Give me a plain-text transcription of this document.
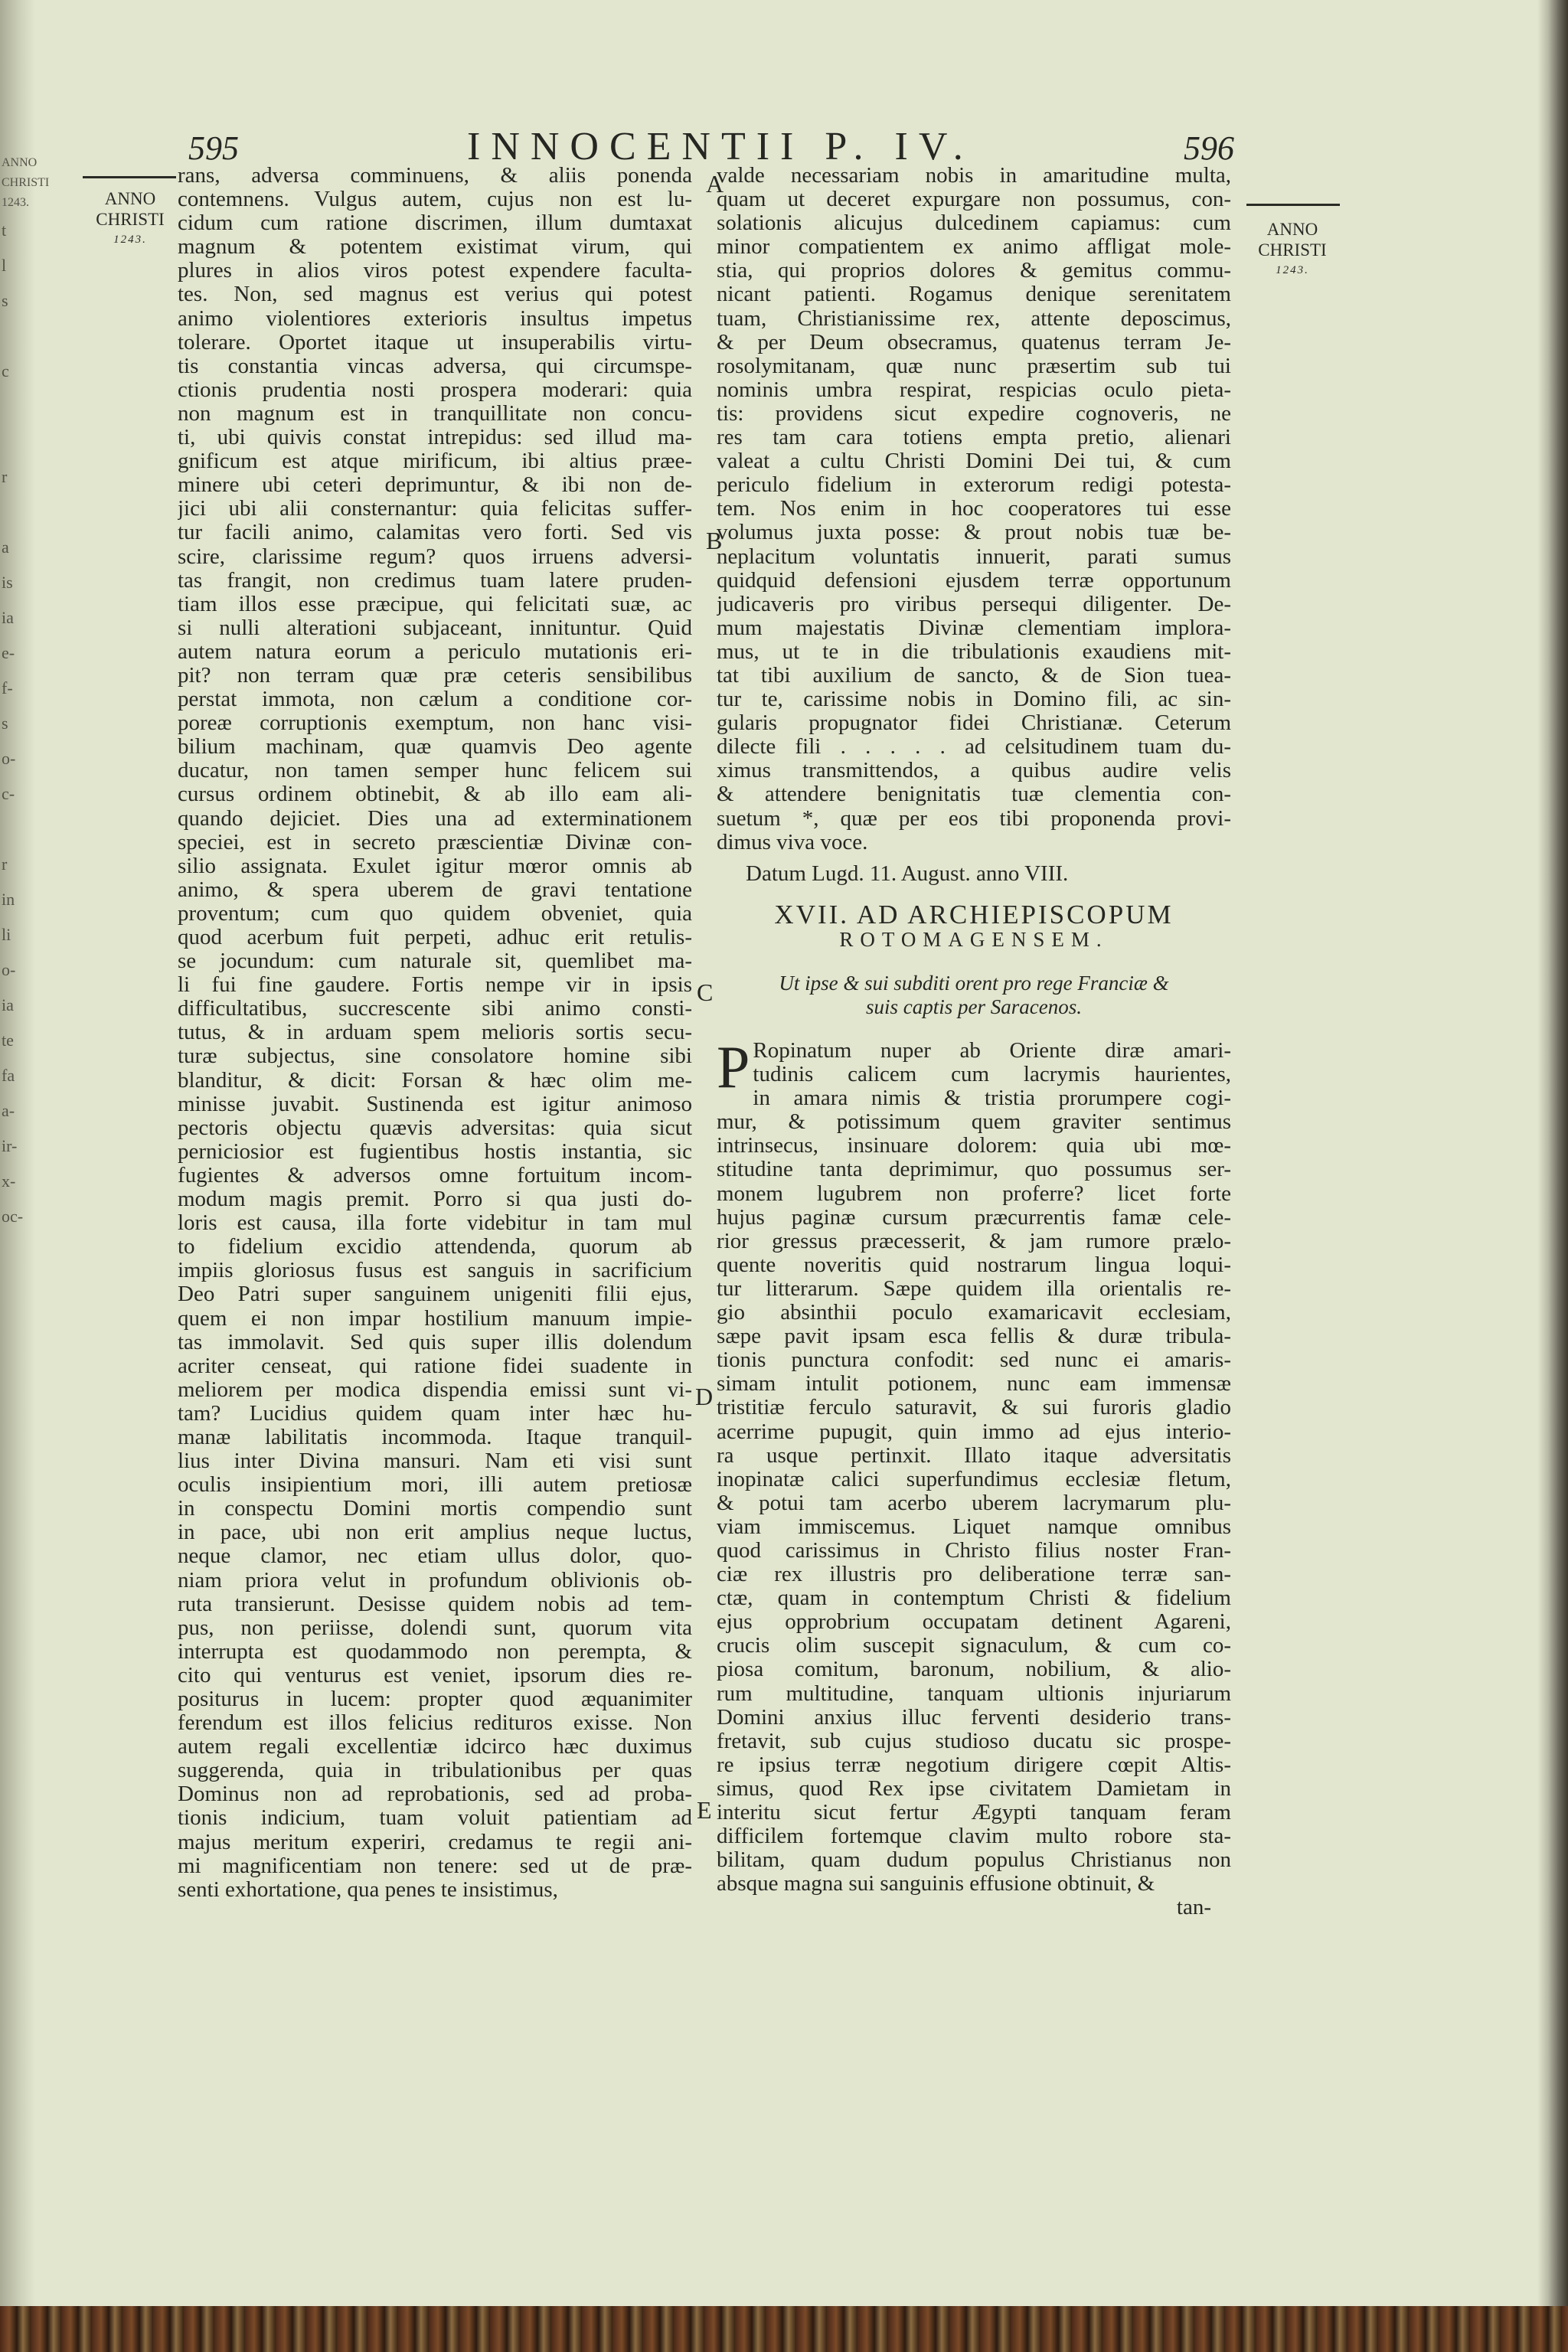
ANNO
CHRISTI
1243.
t
l
s
c
r
a
is
ia
e-
f-
s
o-
c-
r
in
li
o-
ia
te
fa
a-
ir-
x-
oc-
595	INNOCENTII P. IV.	596
ANNO
CHRISTI
1243.
ANNO
CHRISTI
1243.
rans, adversa comminuens, & aliis ponenda
contemnens. Vulgus autem, cujus non est lu-
cidum cum ratione discrimen, illum dumtaxat
magnum & potentem existimat virum, qui
plures in alios viros potest expendere faculta-
tes. Non, sed magnus est verius qui potest
animo violentiores exterioris insultus impetus
tolerare. Oportet itaque ut insuperabilis virtu-
tis constantia vincas adversa, qui circumspe-
ctionis prudentia nosti prospera moderari: quia
non magnum est in tranquillitate non concu-
ti, ubi quivis constat intrepidus: sed illud ma-
gnificum est atque mirificum, ibi altius præe-
minere ubi ceteri deprimuntur, & ibi non de-
jici ubi alii consternantur: quia felicitas suffer-
tur facili animo, calamitas vero forti. Sed vis
scire, clarissime regum? quos irruens adversi-
tas frangit, non credimus tuam latere pruden-
tiam illos esse præcipue, qui felicitati suæ, ac
si nulli alterationi subjaceant, innituntur. Quid
autem natura eorum a periculo mutationis eri-
pit? non terram quæ præ ceteris sensibilibus
perstat immota, non cælum a conditione cor-
poreæ corruptionis exemptum, non hanc visi-
bilium machinam, quæ quamvis Deo agente
ducatur, non tamen semper hunc felicem sui
cursus ordinem obtinebit, & ab illo eam ali-
quando dejiciet. Dies una ad exterminationem
speciei, est in secreto præscientiæ Divinæ con-
silio assignata. Exulet igitur mœror omnis ab
animo, & spera uberem de gravi tentatione
proventum; cum quo quidem obveniet, quia
quod acerbum fuit perpeti, adhuc erit retulis-
se jocundum: cum naturale sit, quemlibet ma-
li fui fine gaudere. Fortis nempe vir in ipsis
difficultatibus, succrescente sibi animo consti-
tutus, & in arduam spem melioris sortis secu-
turæ subjectus, sine consolatore homine sibi
blanditur, & dicit: Forsan & hæc olim me-
minisse juvabit. Sustinenda est igitur animoso
pectoris objectu quævis adversitas: quia sicut
perniciosior est fugientibus hostis instantia, sic
fugientes & adversos omne fortuitum incom-
modum magis premit. Porro si qua justi do-
loris est causa, illa forte videbitur in tam mul
to fidelium excidio attendenda, quorum ab
impiis gloriosus fusus est sanguis in sacrificium
Deo Patri super sanguinem unigeniti filii ejus,
quem ei non impar hostilium manuum impie-
tas immolavit. Sed quis super illis dolendum
acriter censeat, qui ratione fidei suadente in
meliorem per modica dispendia emissi sunt vi-
tam? Lucidius quidem quam inter hæc hu-
manæ labilitatis incommoda. Itaque tranquil-
lius inter Divina mansuri. Nam eti visi sunt
oculis insipientium mori, illi autem pretiosæ
in conspectu Domini mortis compendio sunt
in pace, ubi non erit amplius neque luctus,
neque clamor, nec etiam ullus dolor, quo-
niam priora velut in profundum oblivionis ob-
ruta transierunt. Desisse quidem nobis ad tem-
pus, non periisse, dolendi sunt, quorum vita
interrupta est quodammodo non perempta, &
cito qui venturus est veniet, ipsorum dies re-
positurus in lucem: propter quod æquanimiter
ferendum est illos felicius redituros exisse. Non
autem regali excellentiæ idcirco hæc duximus
suggerenda, quia in tribulationibus per quas
Dominus non ad reprobationis, sed ad proba-
tionis indicium, tuam voluit patientiam ad
majus meritum experiri, credamus te regii ani-
mi magnificentiam non tenere: sed ut de præ-
senti exhortatione, qua penes te insistimus,
valde necessariam nobis in amaritudine multa,
quam ut deceret expurgare non possumus, con-
solationis alicujus dulcedinem capiamus: cum
minor compatientem ex animo affligat mole-
stia, qui proprios dolores & gemitus commu-
nicant patienti. Rogamus denique serenitatem
tuam, Christianissime rex, attente deposcimus,
& per Deum obsecramus, quatenus terram Je-
rosolymitanam, quæ nunc præsertim sub tui
nominis umbra respirat, respicias oculo pieta-
tis: providens sicut expedire cognoveris, ne
res tam cara totiens empta pretio, alienari
valeat a cultu Christi Domini Dei tui, & cum
periculo fidelium in exterorum redigi potesta-
tem. Nos enim in hoc cooperatores tui esse
volumus juxta posse: & prout nobis tuæ be-
neplacitum voluntatis innuerit, parati sumus
quidquid defensioni ejusdem terræ opportunum
judicaveris pro viribus persequi diligenter. De-
mum majestatis Divinæ clementiam implora-
mus, ut te in die tribulationis exaudiens mit-
tat tibi auxilium de sancto, & de Sion tuea-
tur te, carissime nobis in Domino fili, ac sin-
gularis propugnator fidei Christianæ. Ceterum
dilecte fili . . . . . ad celsitudinem tuam du-
ximus transmittendos, a quibus audire velis
& attendere benignitatis tuæ clementia con-
suetum *, quæ per eos tibi proponenda provi-
dimus viva voce.
Datum Lugd. 11. August. anno VIII.
XVII. AD ARCHIEPISCOPUM
ROTOMAGENSEM.
Ut ipse & sui subditi orent pro rege Franciæ &
suis captis per Saracenos.
P Ropinatum nuper ab Oriente diræ amari-
tudinis calicem cum lacrymis haurientes,
in amara nimis & tristia prorumpere cogi-
mur, & potissimum quem graviter sentimus
intrinsecus, insinuare dolorem: quia ubi mœ-
stitudine tanta deprimimur, quo possumus ser-
monem lugubrem non proferre? licet forte
hujus paginæ cursum præcurrentis famæ cele-
rior gressus præcesserit, & jam rumore prælo-
quente noveritis quid nostrarum lingua loqui-
tur litterarum. Sæpe quidem illa orientalis re-
gio absinthii poculo examaricavit ecclesiam,
sæpe pavit ipsam esca fellis & duræ tribula-
tionis punctura confodit: sed nunc ei amaris-
simam intulit potionem, nunc eam immensæ
tristitiæ ferculo saturavit, & sui furoris gladio
acerrime pupugit, quin immo ad ejus interio-
ra usque pertinxit. Illato itaque adversitatis
inopinatæ calici superfundimus ecclesiæ fletum,
& potui tam acerbo uberem lacrymarum plu-
viam immiscemus. Liquet namque omnibus
quod carissimus in Christo filius noster Fran-
ciæ rex illustris pro deliberatione terræ san-
ctæ, quam in contemptum Christi & fidelium
ejus opprobrium occupatam detinent Agareni,
crucis olim suscepit signaculum, & cum co-
piosa comitum, baronum, nobilium, & alio-
rum multitudine, tanquam ultionis injuriarum
Domini anxius illuc ferventi desiderio trans-
fretavit, sub cujus studioso ducatu sic prospe-
re ipsius terræ negotium dirigere cœpit Altis-
simus, quod Rex ipse civitatem Damietam in
interitu sicut fertur Ægypti tanquam feram
difficilem fortemque clavim multo robore sta-
bilitam, quam dudum populus Christianus non
absque magna sui sanguinis effusione obtinuit, &
tan-
A
B
C
D
E
